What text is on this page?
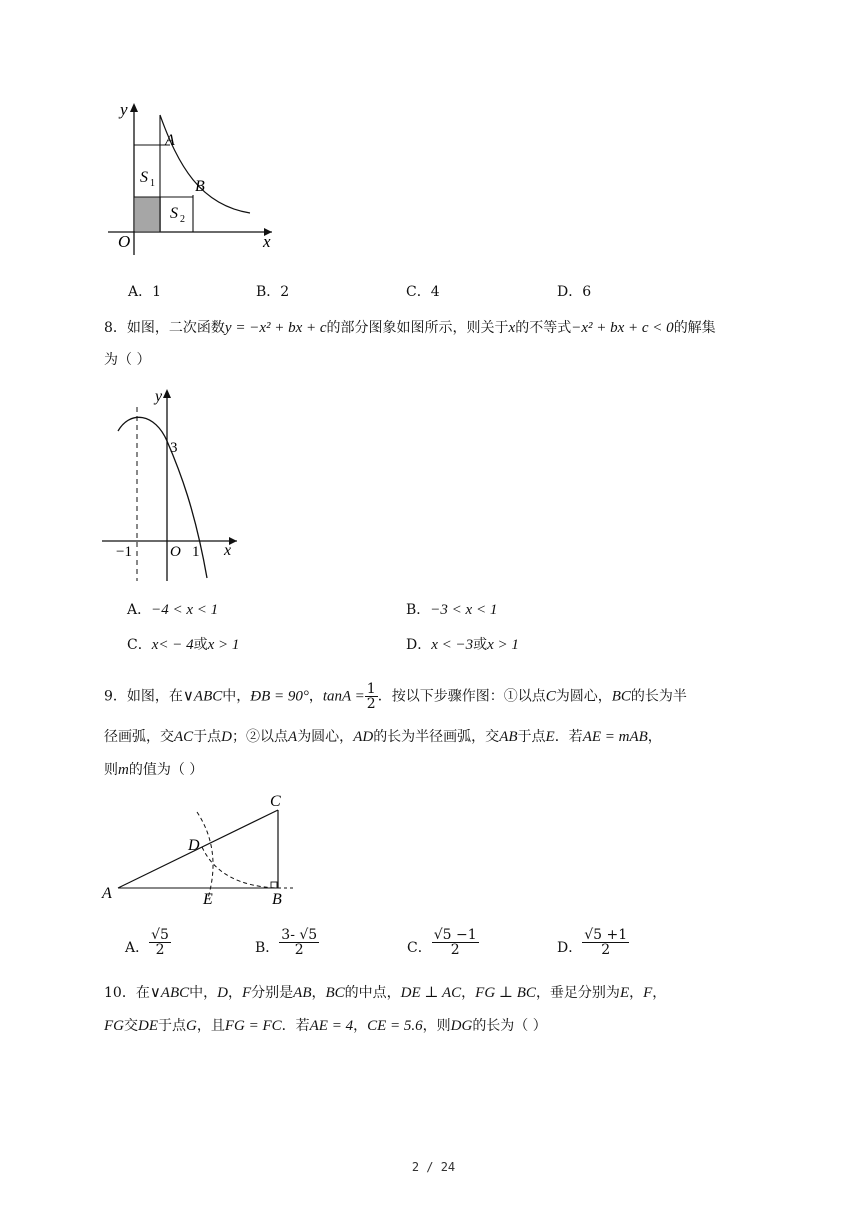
y
x
O
A
B
S 1
S 2
A．1	B．2	C．4	D．6
8．如图，二次函数y = −x² + bx + c的部分图象如图所示，则关于x的不等式−x² + bx + c < 0的解集
为（ ）
y
x
O
−1	1
3
A．−4 < x < 1	B．−3 < x < 1
C．x< − 4或x > 1	D．x < −3或x > 1
9．如图，在∨ABC中，ÐB = 90°，$\tan A = \frac{1}{2}$ ．按以下步骤作图：①以点C为圆心，BC的长为半
径画弧，交AC于点D；②以点A为圆心，AD的长为半径画弧，交AB于点E．若AE = mAB，
则m的值为（ ）
A	B
C
D
E
A． $\frac{√5}{2}$	B． $\frac{3- √5}{2}$	C． $\frac{√5 -1}{2}$	D． $\frac{√5 +1}{2}$
10．在∨ABC中，D，F分别是AB，BC的中点，DE ⊥ AC，FG ⊥ BC，垂足分别为E，F，
FG交DE于点G，且FG = FC．若AE = 4，CE = 5.6，则DG的长为（ ）
2 / 24
